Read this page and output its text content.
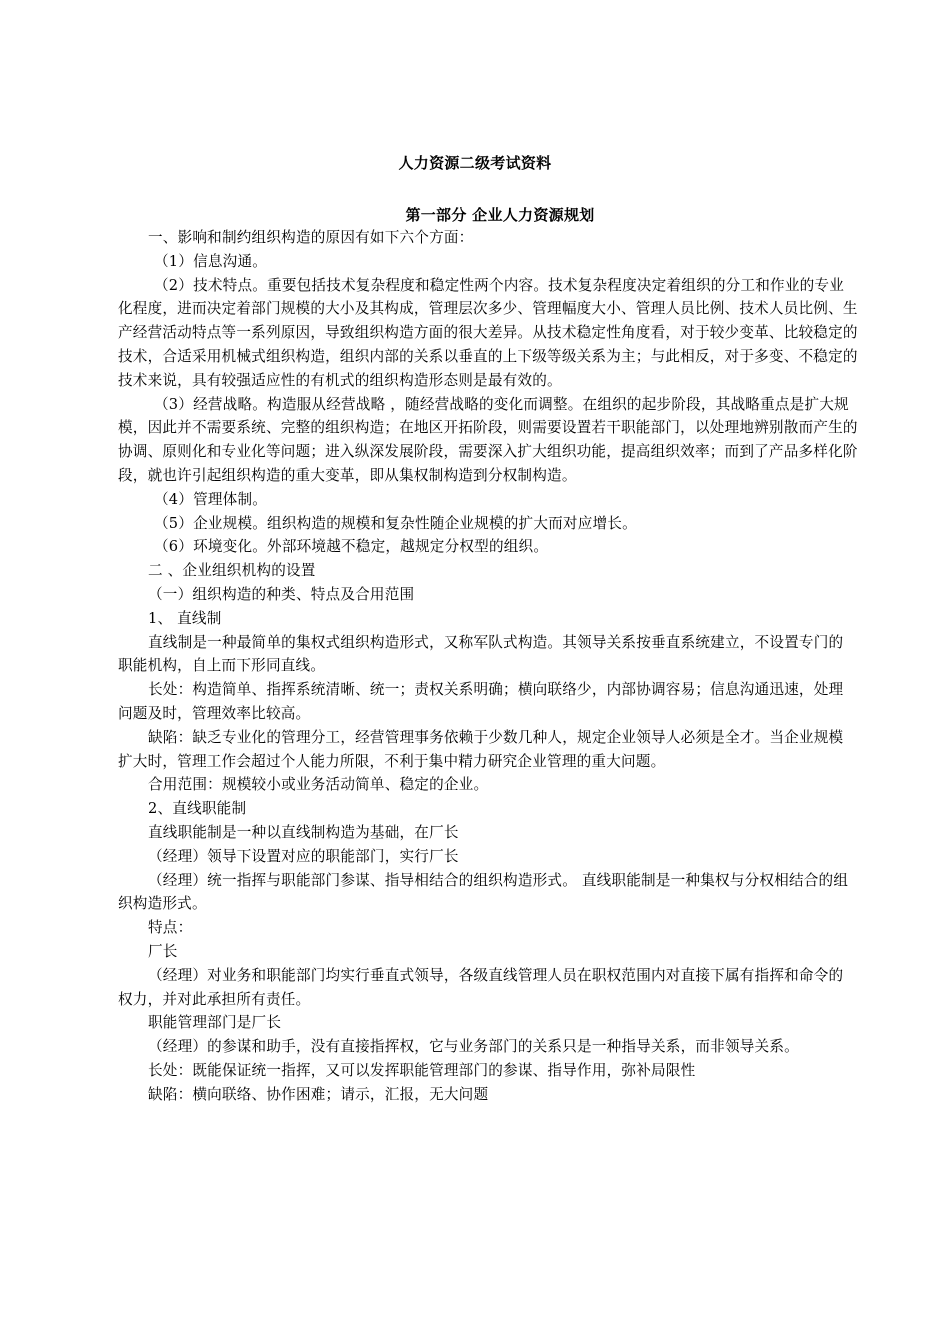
人力资源二级考试资料
第一部分 企业人力资源规划

一、影响和制约组织构造的原因有如下六个方面：

（1）信息沟通。

（2）技术特点。重要包括技术复杂程度和稳定性两个内容。技术复杂程度决定着组织的分工和作业的专业化程度，进而决定着部门规模的大小及其构成，管理层次多少、管理幅度大小、管理人员比例、技术人员比例、生产经营活动特点等一系列原因，导致组织构造方面的很大差异。从技术稳定性角度看，对于较少变革、比较稳定的技术，合适采用机械式组织构造，组织内部的关系以垂直的上下级等级关系为主；与此相反，对于多变、不稳定的技术来说，具有较强适应性的有机式的组织构造形态则是最有效的。

（3）经营战略。构造服从经营战略 ，随经营战略的变化而调整。在组织的起步阶段，其战略重点是扩大规模，因此并不需要系统、完整的组织构造；在地区开拓阶段，则需要设置若干职能部门，以处理地辨别散而产生的协调、原则化和专业化等问题；进入纵深发展阶段，需要深入扩大组织功能，提高组织效率；而到了产品多样化阶段，就也许引起组织构造的重大变革，即从集权制构造到分权制构造。

（4）管理体制。

（5）企业规模。组织构造的规模和复杂性随企业规模的扩大而对应增长。

（6）环境变化。外部环境越不稳定，越规定分权型的组织。

二 、企业组织机构的设置

（一）组织构造的种类、特点及合用范围

1、 直线制

直线制是一种最简单的集权式组织构造形式，又称军队式构造。其领导关系按垂直系统建立，不设置专门的职能机构，自上而下形同直线。

长处：构造简单、指挥系统清晰、统一；责权关系明确；横向联络少，内部协调容易；信息沟通迅速，处理问题及时，管理效率比较高。

缺陷：缺乏专业化的管理分工，经营管理事务依赖于少数几种人，规定企业领导人必须是全才。当企业规模扩大时，管理工作会超过个人能力所限，不利于集中精力研究企业管理的重大问题。

合用范围：规模较小或业务活动简单、稳定的企业。

2、直线职能制

直线职能制是一种以直线制构造为基础，在厂长

（经理）领导下设置对应的职能部门，实行厂长

（经理）统一指挥与职能部门参谋、指导相结合的组织构造形式。 直线职能制是一种集权与分权相结合的组织构造形式。

特点：

厂长

（经理）对业务和职能部门均实行垂直式领导，各级直线管理人员在职权范围内对直接下属有指挥和命令的权力，并对此承担所有责任。

职能管理部门是厂长

（经理）的参谋和助手，没有直接指挥权，它与业务部门的关系只是一种指导关系，而非领导关系。

长处：既能保证统一指挥，又可以发挥职能管理部门的参谋、指导作用，弥补局限性

缺陷：横向联络、协作困难；请示，汇报，无大问题
